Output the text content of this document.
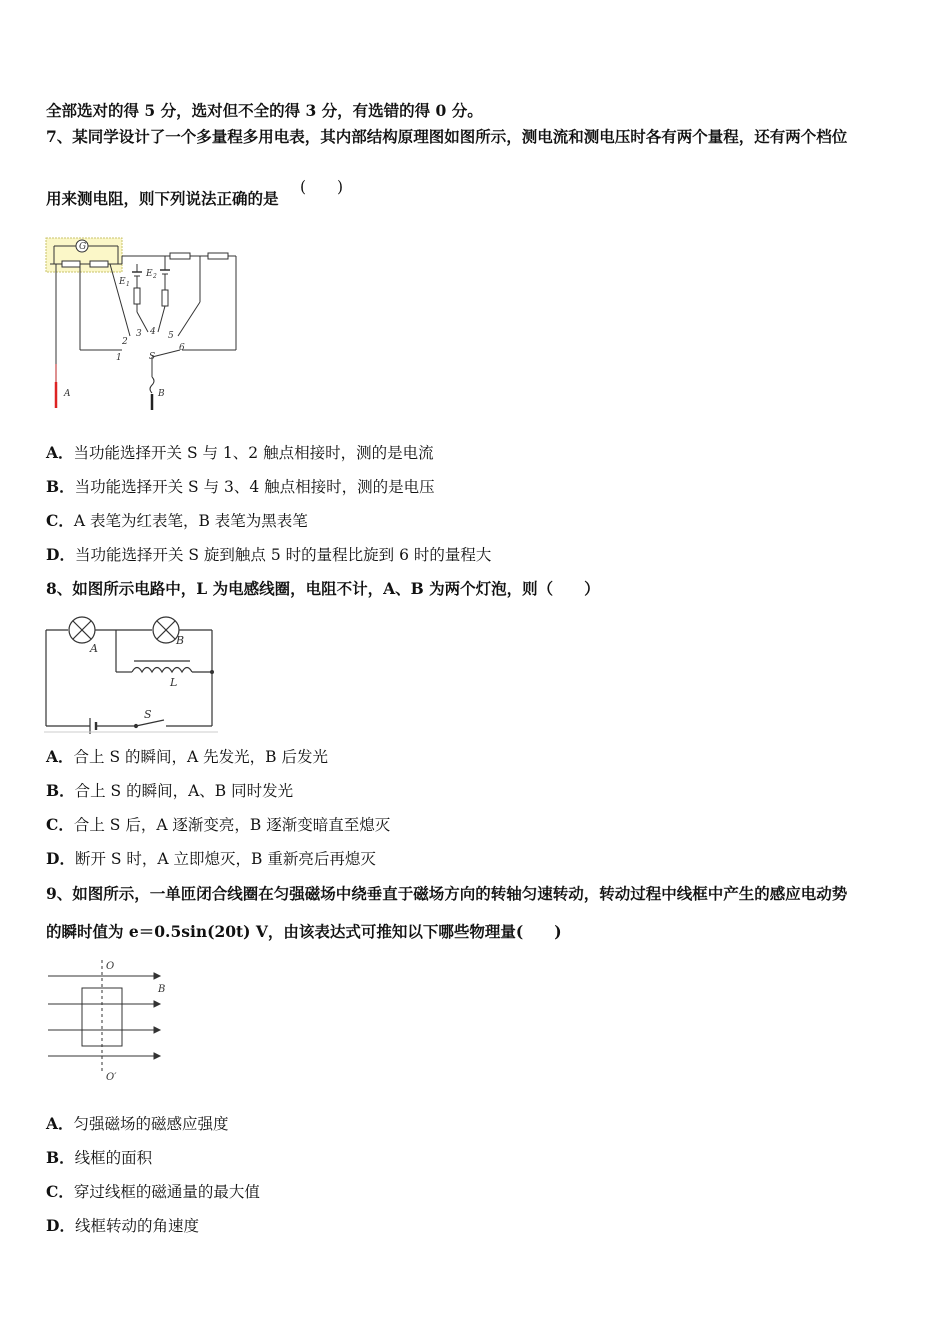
全部选对的得 5 分，选对但不全的得 3 分，有选错的得 0 分。
7、某同学设计了一个多量程多用电表，其内部结构原理图如图所示，测电流和测电压时各有两个量程，还有两个档位
用来测电阻，则下列说法正确的是
(　　)
G
E 1
E 2
1
2
3 4 5
6
S
A	B
A．当功能选择开关 S 与 1、2 触点相接时，测的是电流
B．当功能选择开关 S 与 3、4 触点相接时，测的是电压
C．A 表笔为红表笔，B 表笔为黑表笔
D．当功能选择开关 S 旋到触点 5 时的量程比旋到 6 时的量程大
8、如图所示电路中，L 为电感线圈，电阻不计，A、B 为两个灯泡，则（　　）
A
B
L
S
A．合上 S 的瞬间，A 先发光，B 后发光
B．合上 S 的瞬间，A、B 同时发光
C．合上 S 后，A 逐渐变亮，B 逐渐变暗直至熄灭
D．断开 S 时，A 立即熄灭，B 重新亮后再熄灭
9、如图所示，一单匝闭合线圈在匀强磁场中绕垂直于磁场方向的转轴匀速转动，转动过程中线框中产生的感应电动势
的瞬时值为 e＝0.5sin(20t) V，由该表达式可推知以下哪些物理量(　　)
O
B
O′
A．匀强磁场的磁感应强度
B．线框的面积
C．穿过线框的磁通量的最大值
D．线框转动的角速度
